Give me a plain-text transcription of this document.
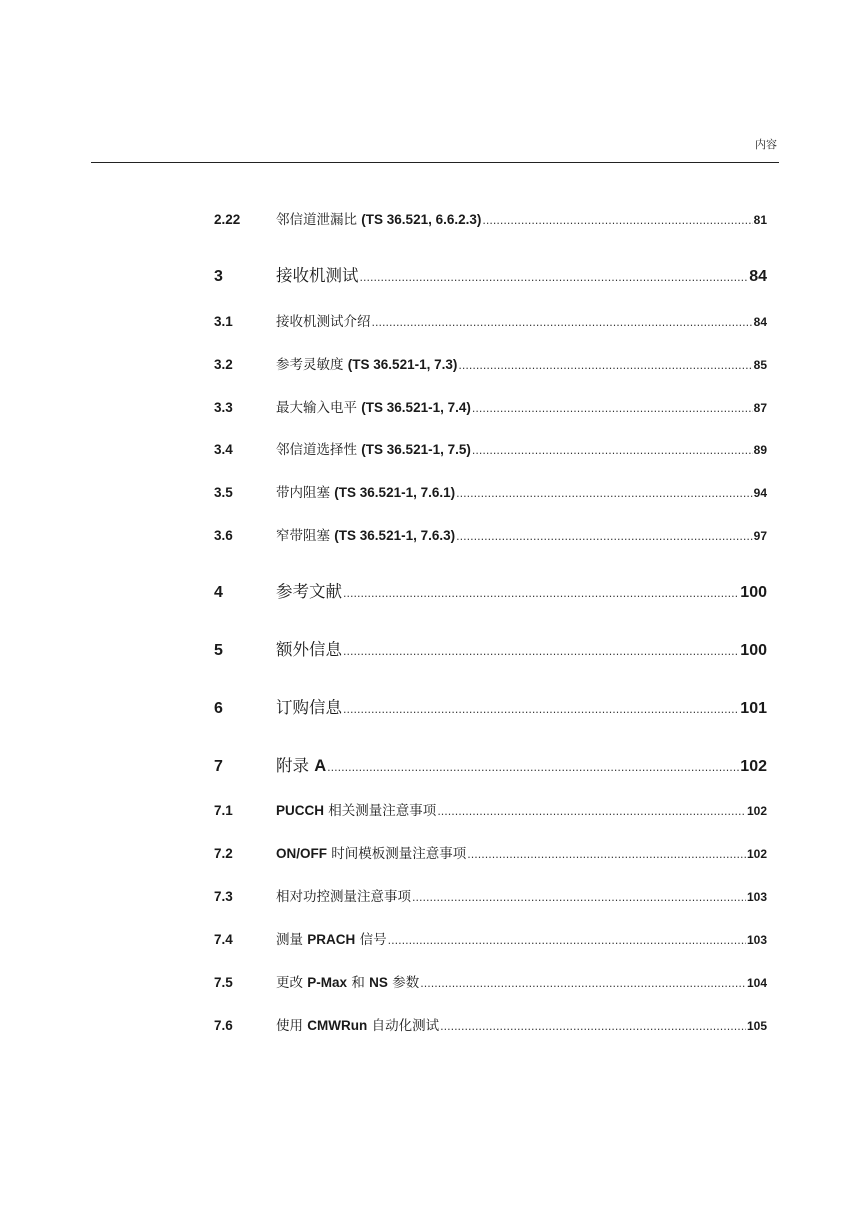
内容
2.22	邻信道泄漏比 (TS 36.521, 6.6.2.3) .....	81
3	接收机测试 .....	84
3.1	接收机测试介绍 .....	84
3.2	参考灵敏度 (TS 36.521-1, 7.3) .....	85
3.3	最大输入电平 (TS 36.521-1, 7.4) .....	87
3.4	邻信道选择性 (TS 36.521-1, 7.5) .....	89
3.5	带内阻塞 (TS 36.521-1, 7.6.1) .....	94
3.6	窄带阻塞 (TS 36.521-1, 7.6.3) .....	97
4	参考文献 .....	100
5	额外信息 .....	100
6	订购信息 .....	101
7	附录 A .....	102
7.1	PUCCH 相关测量注意事项 .....	102
7.2	ON/OFF 时间模板测量注意事项 .....	102
7.3	相对功控测量注意事项 .....	103
7.4	测量 PRACH 信号 .....	103
7.5	更改 P-Max 和 NS 参数 .....	104
7.6	使用 CMWRun 自动化测试 .....	105
